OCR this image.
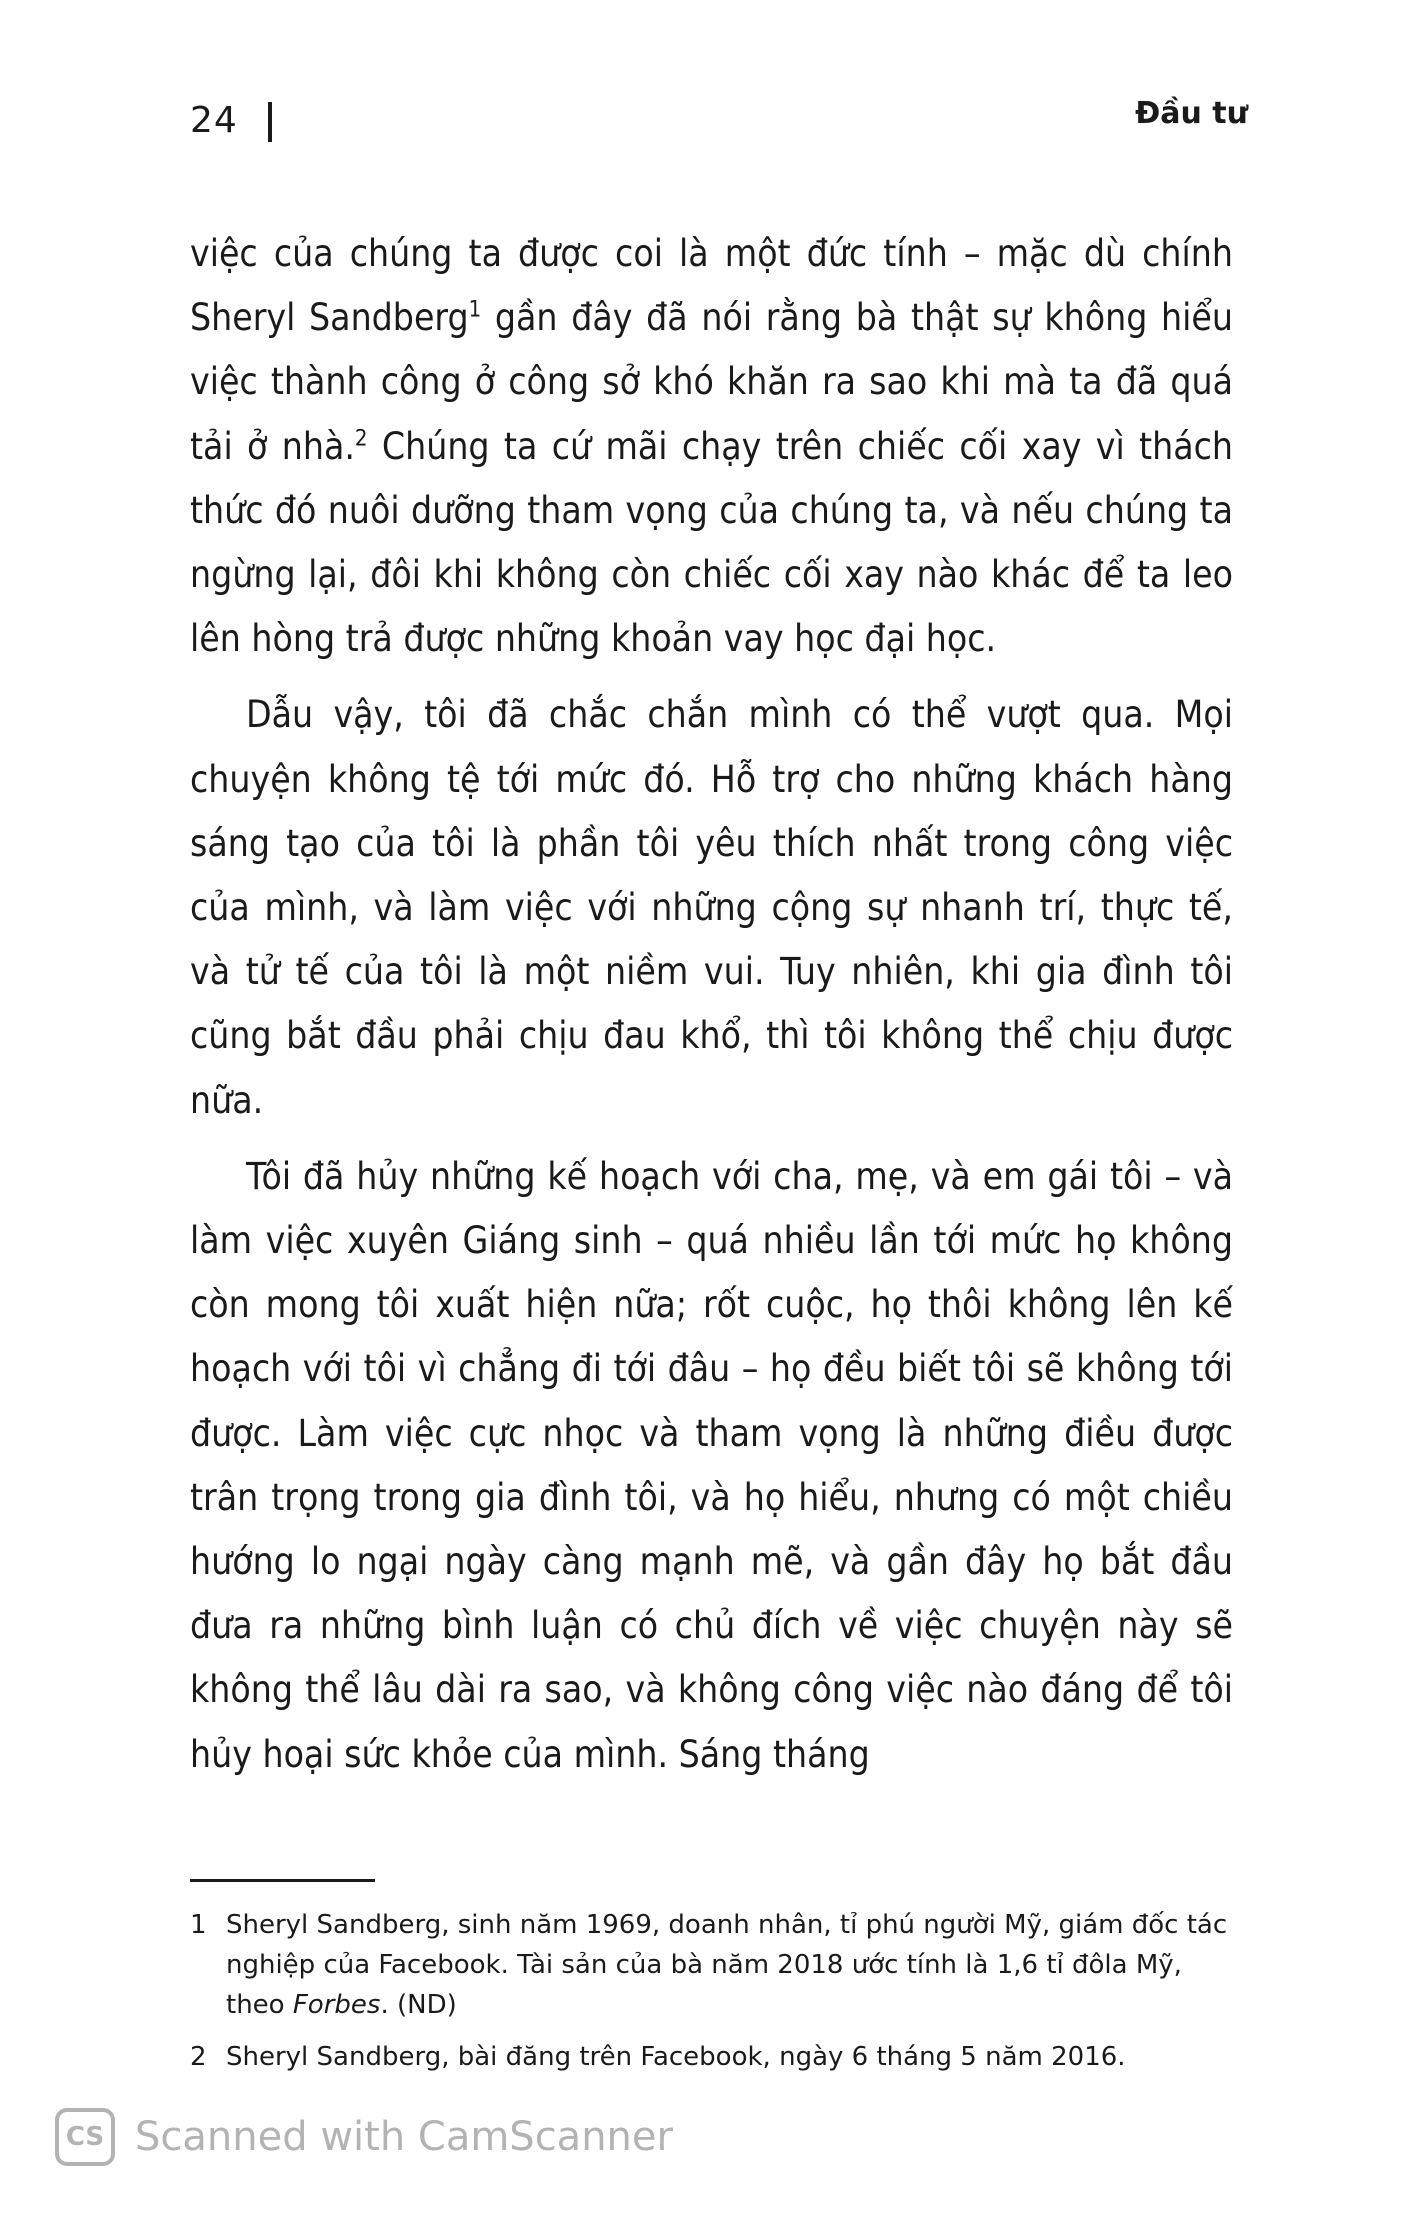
24	Đầu tư

việc của chúng ta được coi là một đức tính – mặc dù chính Sheryl Sandberg$^1$ gần đây đã nói rằng bà thật sự không hiểu việc thành công ở công sở khó khăn ra sao khi mà ta đã quá tải ở nhà.$^2$ Chúng ta cứ mãi chạy trên chiếc cối xay vì thách thức đó nuôi dưỡng tham vọng của chúng ta, và nếu chúng ta ngừng lại, đôi khi không còn chiếc cối xay nào khác để ta leo lên hòng trả được những khoản vay học đại học.

Dẫu vậy, tôi đã chắc chắn mình có thể vượt qua. Mọi chuyện không tệ tới mức đó. Hỗ trợ cho những khách hàng sáng tạo của tôi là phần tôi yêu thích nhất trong công việc của mình, và làm việc với những cộng sự nhanh trí, thực tế, và tử tế của tôi là một niềm vui. Tuy nhiên, khi gia đình tôi cũng bắt đầu phải chịu đau khổ, thì tôi không thể chịu được nữa.

Tôi đã hủy những kế hoạch với cha, mẹ, và em gái tôi – và làm việc xuyên Giáng sinh – quá nhiều lần tới mức họ không còn mong tôi xuất hiện nữa; rốt cuộc, họ thôi không lên kế hoạch với tôi vì chẳng đi tới đâu – họ đều biết tôi sẽ không tới được. Làm việc cực nhọc và tham vọng là những điều được trân trọng trong gia đình tôi, và họ hiểu, nhưng có một chiều hướng lo ngại ngày càng mạnh mẽ, và gần đây họ bắt đầu đưa ra những bình luận có chủ đích về việc chuyện này sẽ không thể lâu dài ra sao, và không công việc nào đáng để tôi hủy hoại sức khỏe của mình. Sáng tháng

1 Sheryl Sandberg, sinh năm 1969, doanh nhân, tỉ phú người Mỹ, giám đốc tác nghiệp của Facebook. Tài sản của bà năm 2018 ước tính là 1,6 tỉ đôla Mỹ, theo Forbes. (ND)
2 Sheryl Sandberg, bài đăng trên Facebook, ngày 6 tháng 5 năm 2016.
CS Scanned with CamScanner
